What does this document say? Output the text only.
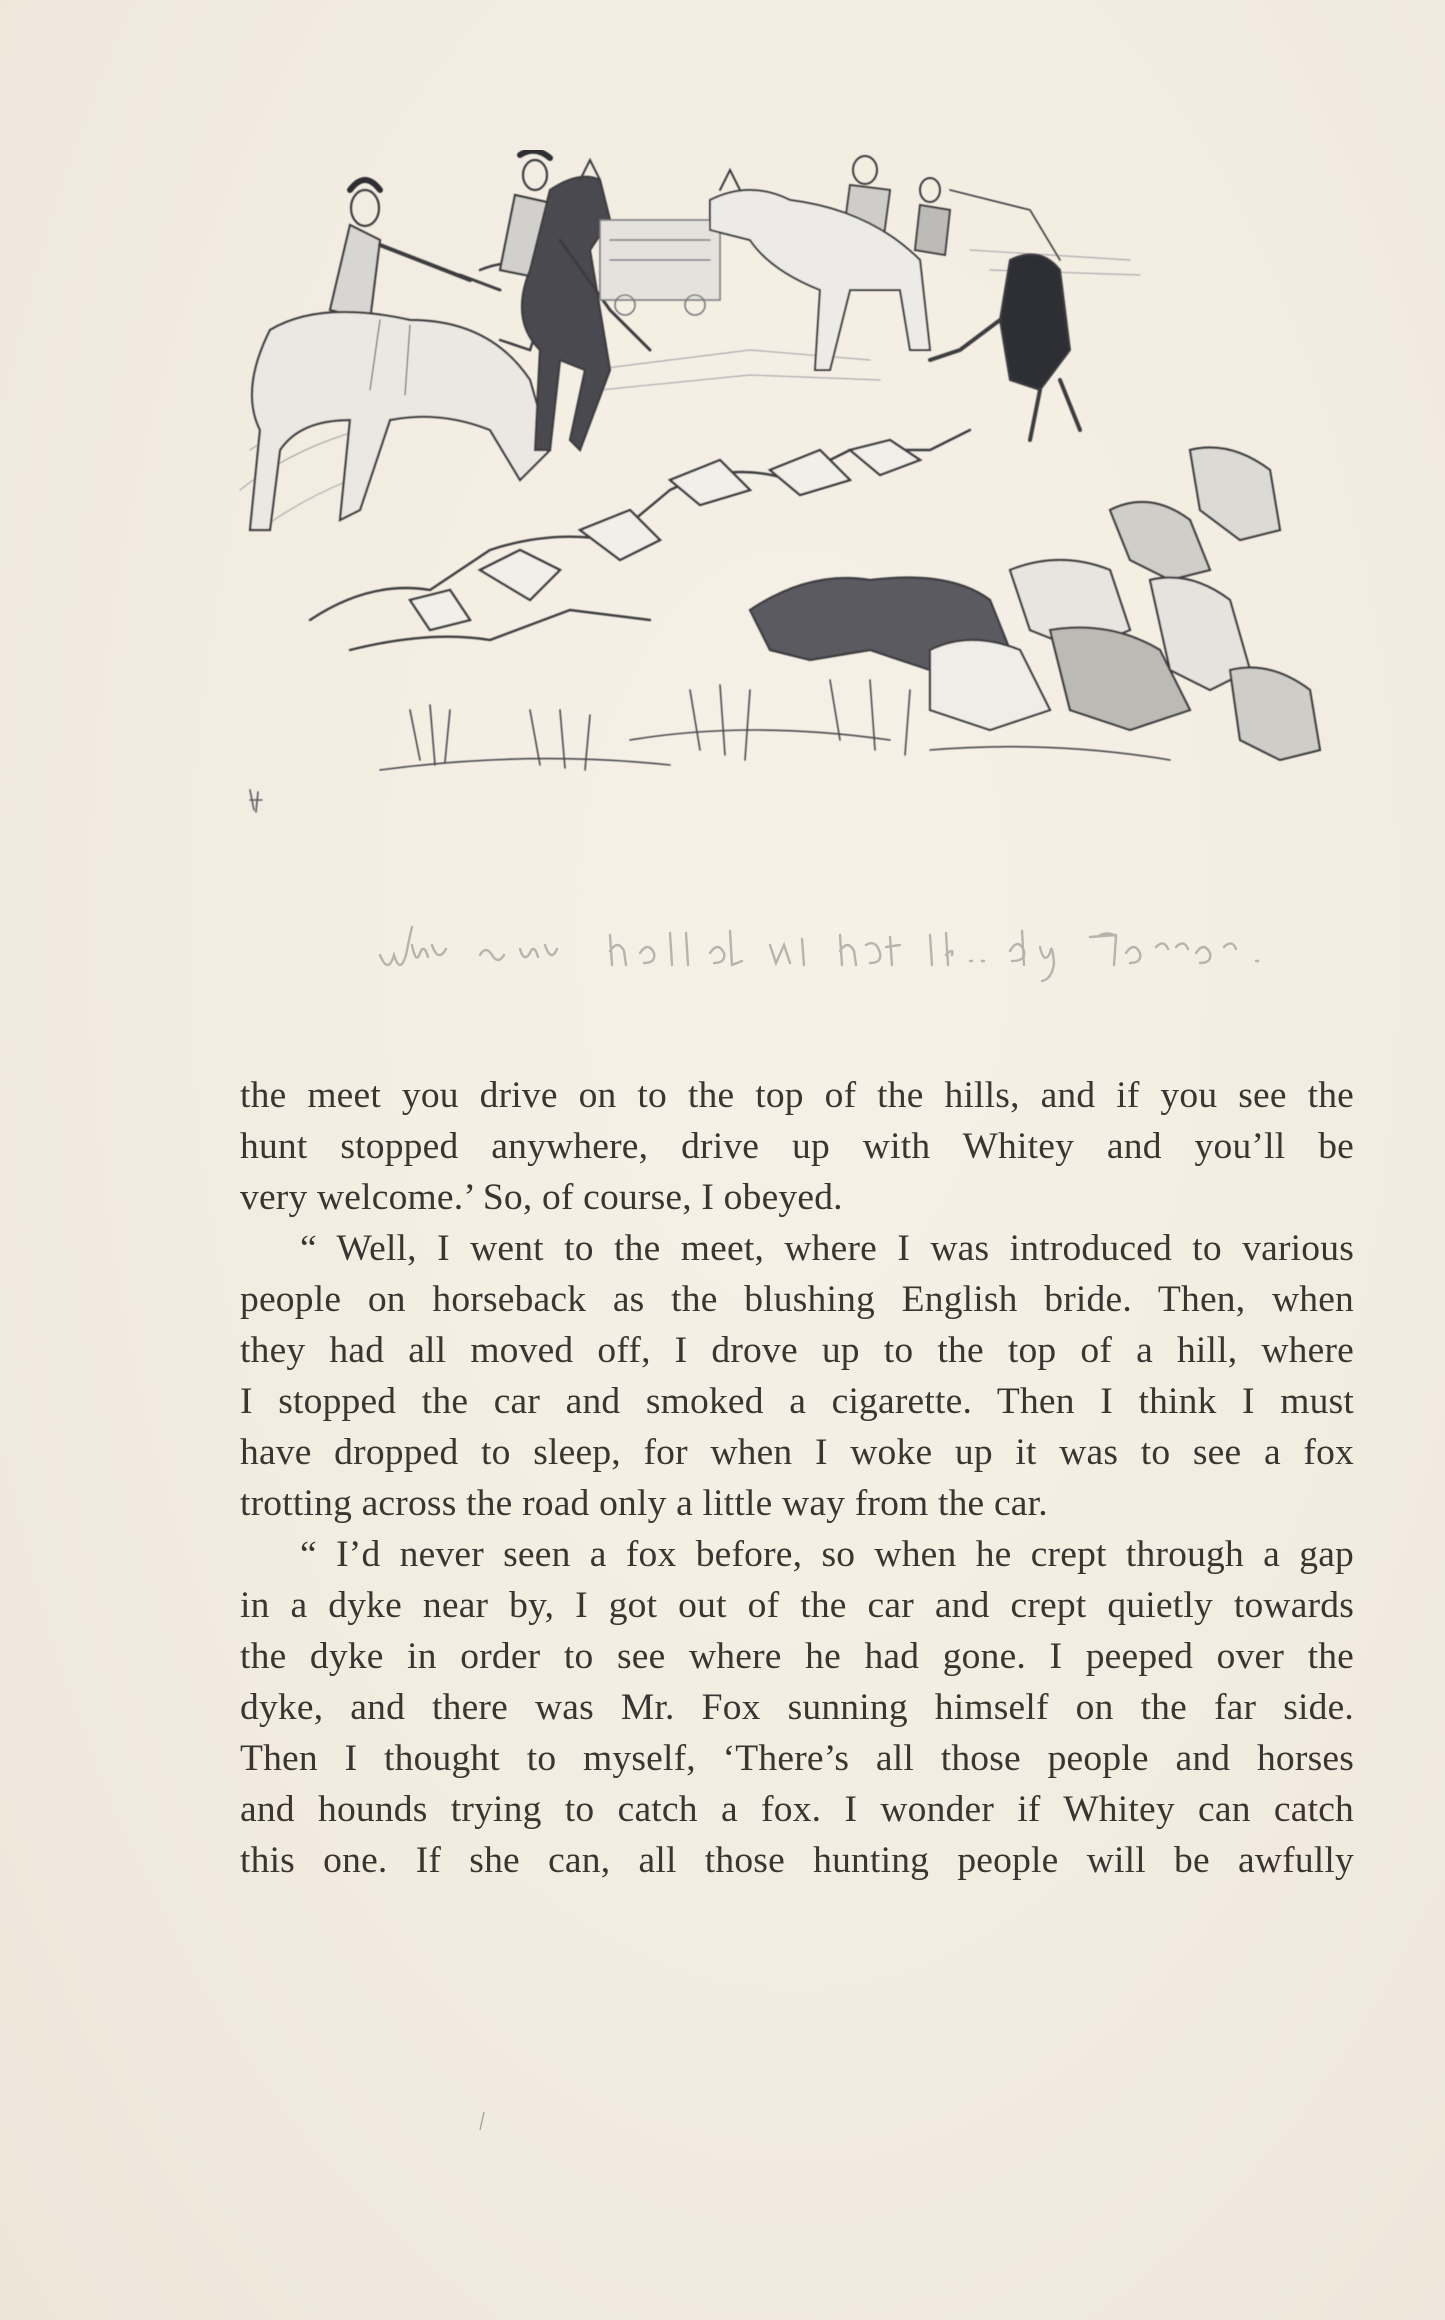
the meet you drive on to the top of the hills, and if you see the
hunt stopped anywhere, drive up with Whitey and you’ll be
very welcome.’ So, of course, I obeyed.
“ Well, I went to the meet, where I was introduced to various
people on horseback as the blushing English bride. Then, when
they had all moved off, I drove up to the top of a hill, where
I stopped the car and smoked a cigarette. Then I think I must
have dropped to sleep, for when I woke up it was to see a fox
trotting across the road only a little way from the car.
“ I’d never seen a fox before, so when he crept through a gap
in a dyke near by, I got out of the car and crept quietly towards
the dyke in order to see where he had gone. I peeped over the
dyke, and there was Mr. Fox sunning himself on the far side.
Then I thought to myself, ‘There’s all those people and horses
and hounds trying to catch a fox. I wonder if Whitey can catch
this one. If she can, all those hunting people will be awfully
